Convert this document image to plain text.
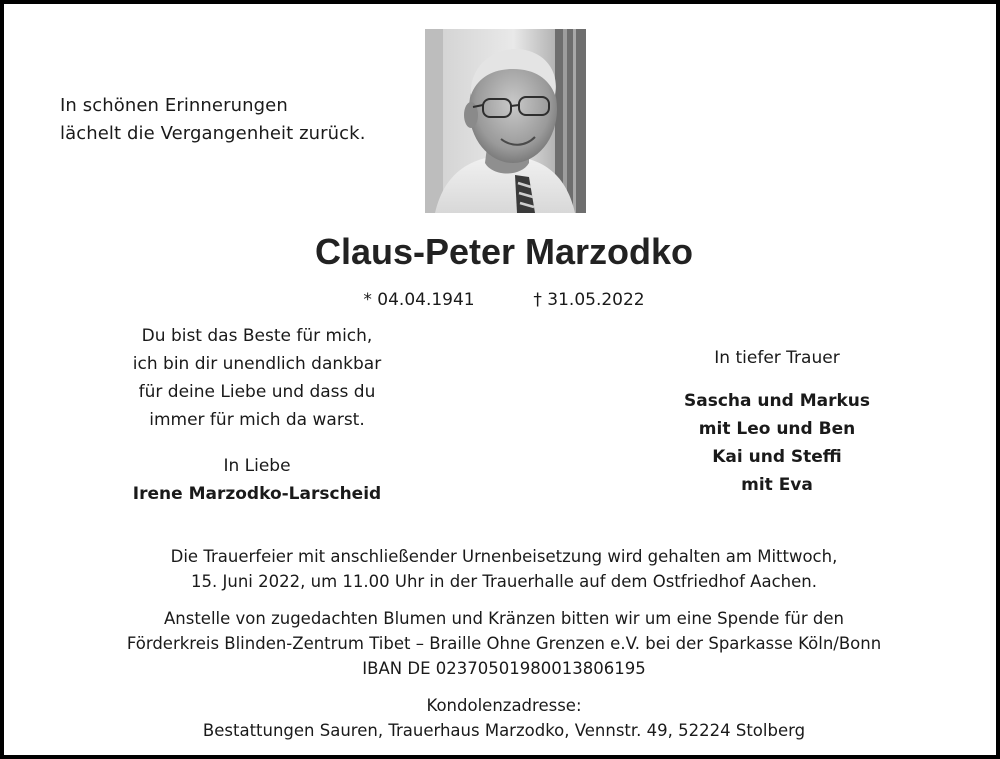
In schönen Erinnerungen
lächelt die Vergangenheit zurück.
Claus-Peter Marzodko
* 04.04.1941	† 31.05.2022
Du bist das Beste für mich,
ich bin dir unendlich dankbar
für deine Liebe und dass du
immer für mich da warst.
In Liebe
Irene Marzodko-Larscheid
In tiefer Trauer
Sascha und Markus
mit Leo und Ben
Kai und Steffi
mit Eva
Die Trauerfeier mit anschließender Urnenbeisetzung wird gehalten am Mittwoch,
15. Juni 2022, um 11.00 Uhr in der Trauerhalle auf dem Ostfriedhof Aachen.
Anstelle von zugedachten Blumen und Kränzen bitten wir um eine Spende für den
Förderkreis Blinden-Zentrum Tibet – Braille Ohne Grenzen e.V. bei der Sparkasse Köln/Bonn
IBAN DE 02370501980013806195
Kondolenzadresse:
Bestattungen Sauren, Trauerhaus Marzodko, Vennstr. 49, 52224 Stolberg
